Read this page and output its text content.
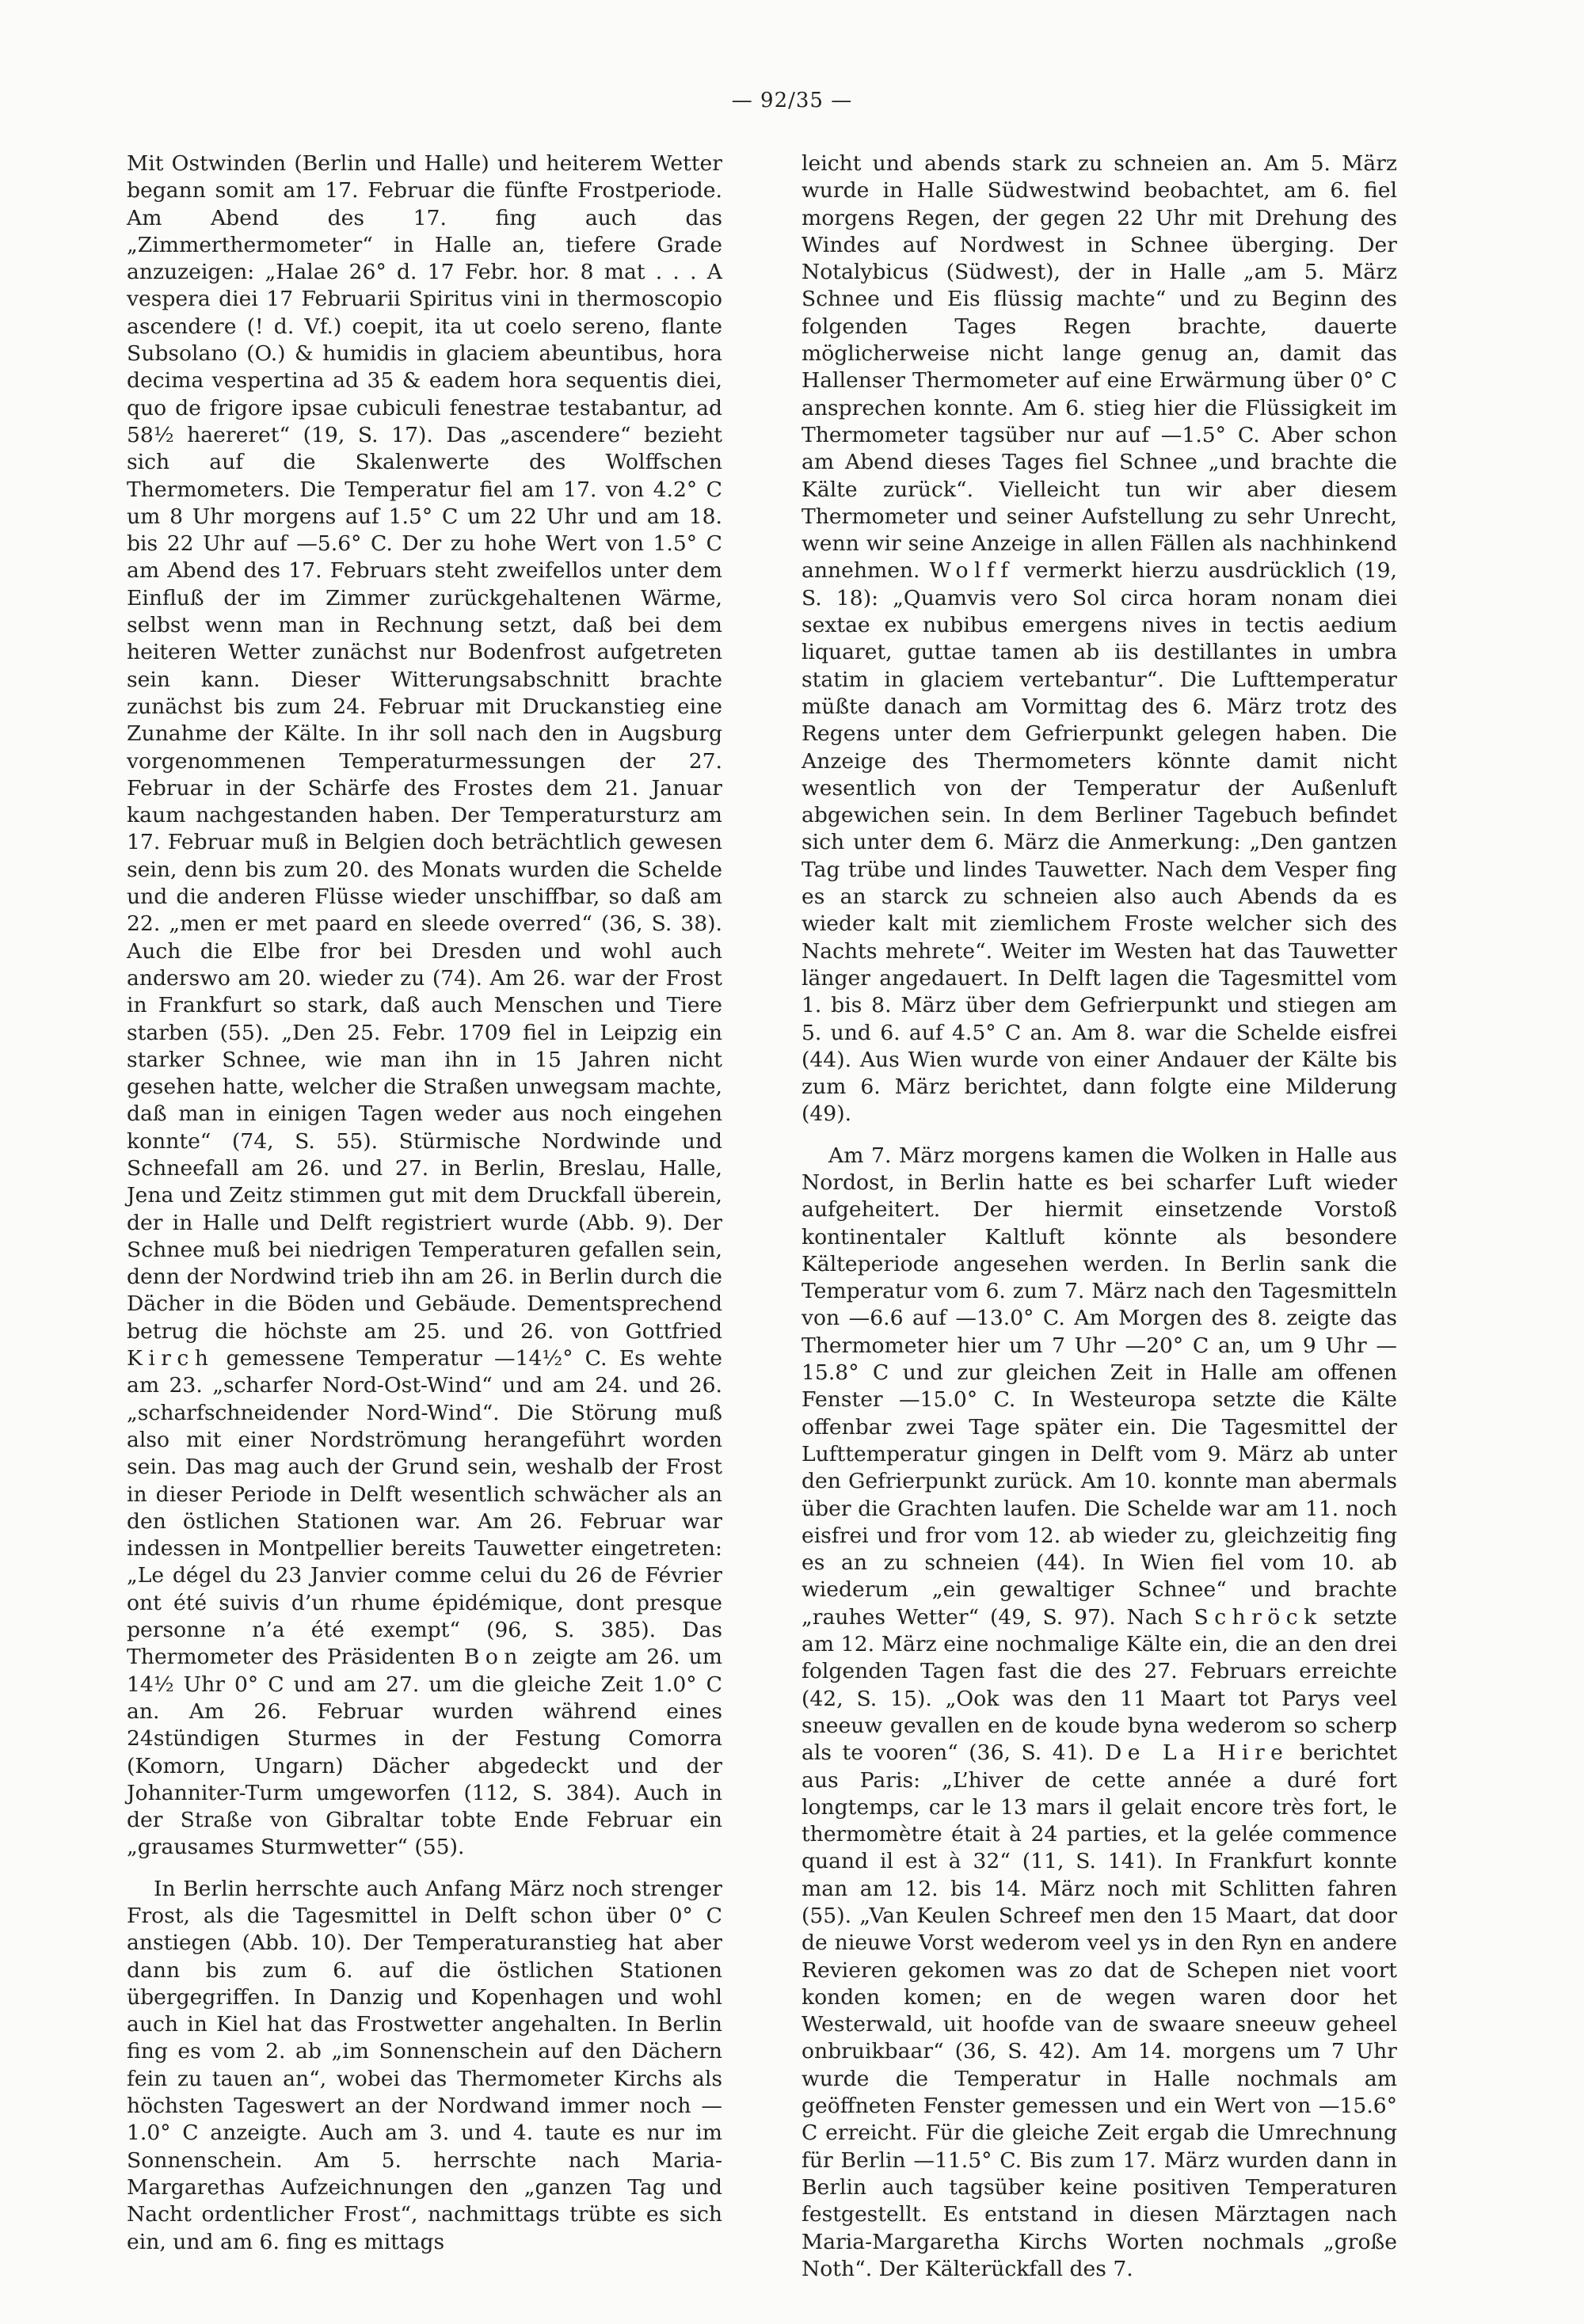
— 92/35 —

Mit Ostwinden (Berlin und Halle) und heiterem Wetter begann somit am 17. Februar die fünfte Frostperiode. Am Abend des 17. fing auch das „Zimmerthermometer“ in Halle an, tieferе Grade anzuzeigen: „Halae 26° d. 17 Febr. hor. 8 mat . . . A vespera diei 17 Februarii Spiritus vini in thermoscopio ascendere (! d. Vf.) coepit, ita ut coelo sereno, flante Subsolano (O.) & humidis in glaciem abeuntibus, hora decima vespertina ad 35 & eadem hora sequentis diei, quo de frigore ipsae cubiculi fenestrae testabantur, ad 58½ haereret“ (19, S. 17). Das „ascendere“ bezieht sich auf die Skalenwerte des Wolffschen Thermometers. Die Temperatur fiel am 17. von 4.2° C um 8 Uhr morgens auf 1.5° C um 22 Uhr und am 18. bis 22 Uhr auf —5.6° C. Der zu hohe Wert von 1.5° C am Abend des 17. Februars steht zweifellos unter dem Einfluß der im Zimmer zurückgehaltenen Wärme, selbst wenn man in Rechnung setzt, daß bei dem heiteren Wetter zunächst nur Bodenfrost aufgetreten sein kann. Dieser Witterungsabschnitt brachte zunächst bis zum 24. Februar mit Druckanstieg eine Zunahme der Kälte. In ihr soll nach den in Augsburg vorgenommenen Temperaturmessungen der 27. Februar in der Schärfe des Frostes dem 21. Januar kaum nachgestanden haben. Der Temperatursturz am 17. Februar muß in Belgien doch beträchtlich gewesen sein, denn bis zum 20. des Monats wurden die Schelde und die anderen Flüsse wieder unschiffbar, so daß am 22. „men er met paard en sleede overred“ (36, S. 38). Auch die Elbe fror bei Dresden und wohl auch anderswo am 20. wieder zu (74). Am 26. war der Frost in Frankfurt so stark, daß auch Menschen und Tiere starben (55). „Den 25. Febr. 1709 fiel in Leipzig ein starker Schnee, wie man ihn in 15 Jahren nicht gesehen hatte, welcher die Straßen unwegsam machte, daß man in einigen Tagen weder aus noch eingehen konnte“ (74, S. 55). Stürmische Nordwinde und Schneefall am 26. und 27. in Berlin, Breslau, Halle, Jena und Zeitz stimmen gut mit dem Druckfall überein, der in Halle und Delft registriert wurde (Abb. 9). Der Schnee muß bei niedrigen Temperaturen gefallen sein, denn der Nordwind trieb ihn am 26. in Berlin durch die Dächer in die Böden und Gebäude. Dementsprechend betrug die höchste am 25. und 26. von Gottfried Kirch gemessene Temperatur —14½° C. Es wehte am 23. „scharfer Nord-Ost-Wind“ und am 24. und 26. „scharfschneidender Nord-Wind“. Die Störung muß also mit einer Nordströmung herangeführt worden sein. Das mag auch der Grund sein, weshalb der Frost in dieser Periode in Delft wesentlich schwächer als an den östlichen Stationen war. Am 26. Februar war indessen in Montpellier bereits Tauwetter eingetreten: „Le dégel du 23 Janvier comme celui du 26 de Février ont été suivis d’un rhume épidémique, dont presque personne n’a été exempt“ (96, S. 385). Das Thermometer des Präsidenten Bon zeigte am 26. um 14½ Uhr 0° C und am 27. um die gleiche Zeit 1.0° C an. Am 26. Februar wurden während eines 24stündigen Sturmes in der Festung Comorra (Komorn, Ungarn) Dächer abgedeckt und der Johanniter-Turm umgeworfen (112, S. 384). Auch in der Straße von Gibraltar tobte Ende Februar ein „grausames Sturmwetter“ (55).

In Berlin herrschte auch Anfang März noch strenger Frost, als die Tagesmittel in Delft schon über 0° C anstiegen (Abb. 10). Der Temperaturanstieg hat aber dann bis zum 6. auf die östlichen Stationen übergegriffen. In Danzig und Kopenhagen und wohl auch in Kiel hat das Frostwetter angehalten. In Berlin fing es vom 2. ab „im Sonnenschein auf den Dächern fein zu tauen an“, wobei das Thermometer Kirchs als höchsten Tageswert an der Nordwand immer noch —1.0° C anzeigte. Auch am 3. und 4. taute es nur im Sonnenschein. Am 5. herrschte nach Maria-Margarethas Aufzeichnungen den „ganzen Tag und Nacht ordentlicher Frost“, nachmittags trübte es sich ein, und am 6. fing es mittags

leicht und abends stark zu schneien an. Am 5. März wurde in Halle Südwestwind beobachtet, am 6. fiel morgens Regen, der gegen 22 Uhr mit Drehung des Windes auf Nordwest in Schnee überging. Der Notalybicus (Südwest), der in Halle „am 5. März Schnee und Eis flüssig machte“ und zu Beginn des folgenden Tages Regen brachte, dauerte möglicherweise nicht lange genug an, damit das Hallenser Thermometer auf eine Erwärmung über 0° C ansprechen konnte. Am 6. stieg hier die Flüssigkeit im Thermometer tagsüber nur auf —1.5° C. Aber schon am Abend dieses Tages fiel Schnee „und brachte die Kälte zurück“. Vielleicht tun wir aber diesem Thermometer und seiner Aufstellung zu sehr Unrecht, wenn wir seine Anzeige in allen Fällen als nachhinkend annehmen. Wolff vermerkt hierzu ausdrücklich (19, S. 18): „Quamvis vero Sol circa horam nonam diei sextae ex nubibus emergens nives in tectis aedium liquaret, guttae tamen ab iis destillantes in umbra statim in glaciem vertebantur“. Die Lufttemperatur müßte danach am Vormittag des 6. März trotz des Regens unter dem Gefrierpunkt gelegen haben. Die Anzeige des Thermometers könnte damit nicht wesentlich von der Temperatur der Außenluft abgewichen sein. In dem Berliner Tagebuch befindet sich unter dem 6. März die Anmerkung: „Den gantzen Tag trübe und lindes Tauwetter. Nach dem Vesper fing es an starck zu schneien also auch Abends da es wieder kalt mit ziemlichem Froste welcher sich des Nachts mehrete“. Weiter im Westen hat das Tauwetter länger angedauert. In Delft lagen die Tagesmittel vom 1. bis 8. März über dem Gefrierpunkt und stiegen am 5. und 6. auf 4.5° C an. Am 8. war die Schelde eisfrei (44). Aus Wien wurde von einer Andauer der Kälte bis zum 6. März berichtet, dann folgte eine Milderung (49).

Am 7. März morgens kamen die Wolken in Halle aus Nordost, in Berlin hatte es bei scharfer Luft wieder aufgeheitert. Der hiermit einsetzende Vorstoß kontinentaler Kaltluft könnte als besondere Kälteperiode angesehen werden. In Berlin sank die Temperatur vom 6. zum 7. März nach den Tagesmitteln von —6.6 auf —13.0° C. Am Morgen des 8. zeigte das Thermometer hier um 7 Uhr —20° C an, um 9 Uhr —15.8° C und zur gleichen Zeit in Halle am offenen Fenster —15.0° C. In Westeuropa setzte die Kälte offenbar zwei Tage später ein. Die Tagesmittel der Lufttemperatur gingen in Delft vom 9. März ab unter den Gefrierpunkt zurück. Am 10. konnte man abermals über die Grachten laufen. Die Schelde war am 11. noch eisfrei und fror vom 12. ab wieder zu, gleichzeitig fing es an zu schneien (44). In Wien fiel vom 10. ab wiederum „ein gewaltiger Schnee“ und brachte „rauhes Wetter“ (49, S. 97). Nach Schröck setzte am 12. März eine nochmalige Kälte ein, die an den drei folgenden Tagen fast die des 27. Februars erreichte (42, S. 15). „Ook was den 11 Maart tot Parys veel sneeuw gevallen en de koude byna wederom so scherp als te vooren“ (36, S. 41). De La Hire berichtet aus Paris: „L’hiver de cette année a duré fort longtemps, car le 13 mars il gelait encore très fort, le thermomètre était à 24 parties, et la gelée commence quand il est à 32“ (11, S. 141). In Frankfurt konnte man am 12. bis 14. März noch mit Schlitten fahren (55). „Van Keulen Schreef men den 15 Maart, dat door de nieuwe Vorst wederom veel ys in den Ryn en andere Revieren gekomen was zo dat de Schepen niet voort konden komen; en de wegen waren door het Westerwald, uit hoofde van de swaare sneeuw geheel onbruikbaar“ (36, S. 42). Am 14. morgens um 7 Uhr wurde die Temperatur in Halle nochmals am geöffneten Fenster gemessen und ein Wert von —15.6° C erreicht. Für die gleiche Zeit ergab die Umrechnung für Berlin —11.5° C. Bis zum 17. März wurden dann in Berlin auch tagsüber keine positiven Temperaturen festgestellt. Es entstand in diesen Märztagen nach Maria-Margaretha Kirchs Worten nochmals „große Noth“. Der Kälterückfall des 7.
